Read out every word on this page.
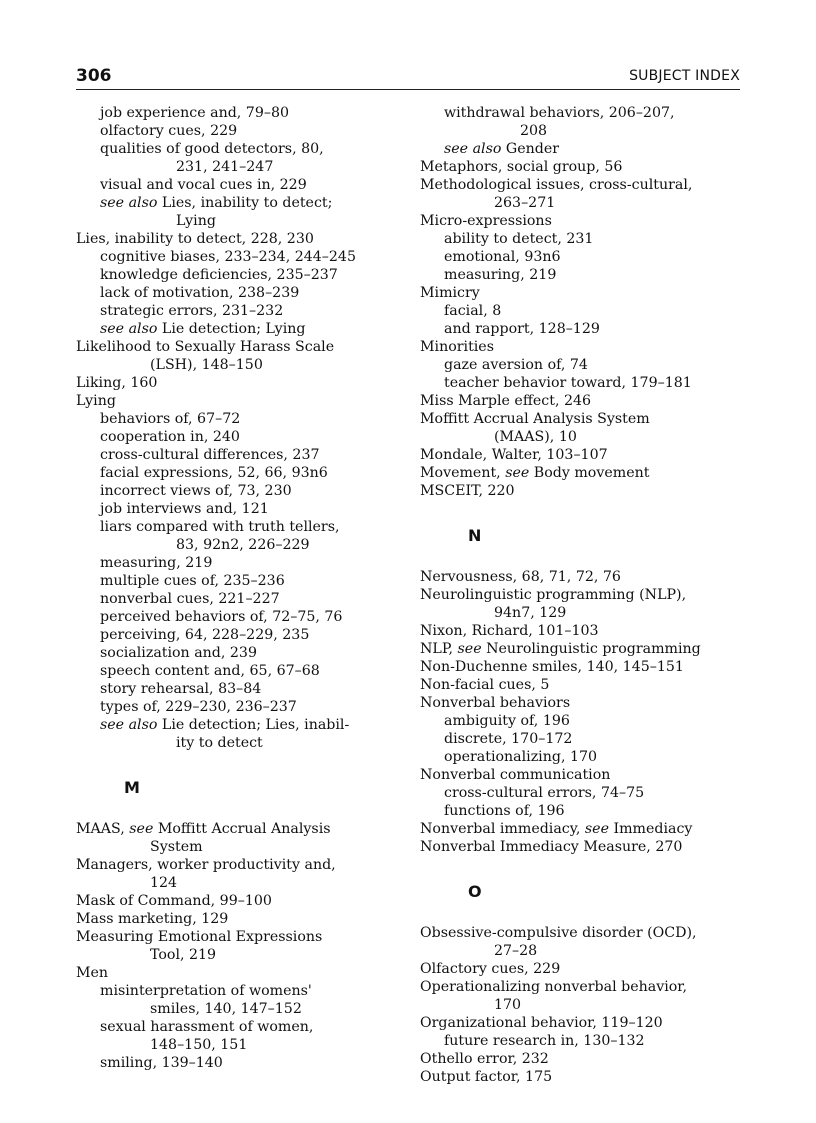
306	SUBJECT INDEX
job experience and, 79–80
olfactory cues, 229
qualities of good detectors, 80,
231, 241–247
visual and vocal cues in, 229
see also Lies, inability to detect;
Lying
Lies, inability to detect, 228, 230
cognitive biases, 233–234, 244–245
knowledge deficiencies, 235–237
lack of motivation, 238–239
strategic errors, 231–232
see also Lie detection; Lying
Likelihood to Sexually Harass Scale
(LSH), 148–150
Liking, 160
Lying
behaviors of, 67–72
cooperation in, 240
cross-cultural differences, 237
facial expressions, 52, 66, 93n6
incorrect views of, 73, 230
job interviews and, 121
liars compared with truth tellers,
83, 92n2, 226–229
measuring, 219
multiple cues of, 235–236
nonverbal cues, 221–227
perceived behaviors of, 72–75, 76
perceiving, 64, 228–229, 235
socialization and, 239
speech content and, 65, 67–68
story rehearsal, 83–84
types of, 229–230, 236–237
see also Lie detection; Lies, inabil-
ity to detect
M
MAAS, see Moffitt Accrual Analysis
System
Managers, worker productivity and,
124
Mask of Command, 99–100
Mass marketing, 129
Measuring Emotional Expressions
Tool, 219
Men
misinterpretation of womens'
smiles, 140, 147–152
sexual harassment of women,
148–150, 151
smiling, 139–140
withdrawal behaviors, 206–207,
208
see also Gender
Metaphors, social group, 56
Methodological issues, cross-cultural,
263–271
Micro-expressions
ability to detect, 231
emotional, 93n6
measuring, 219
Mimicry
facial, 8
and rapport, 128–129
Minorities
gaze aversion of, 74
teacher behavior toward, 179–181
Miss Marple effect, 246
Moffitt Accrual Analysis System
(MAAS), 10
Mondale, Walter, 103–107
Movement, see Body movement
MSCEIT, 220
N
Nervousness, 68, 71, 72, 76
Neurolinguistic programming (NLP),
94n7, 129
Nixon, Richard, 101–103
NLP, see Neurolinguistic programming
Non-Duchenne smiles, 140, 145–151
Non-facial cues, 5
Nonverbal behaviors
ambiguity of, 196
discrete, 170–172
operationalizing, 170
Nonverbal communication
cross-cultural errors, 74–75
functions of, 196
Nonverbal immediacy, see Immediacy
Nonverbal Immediacy Measure, 270
O
Obsessive-compulsive disorder (OCD),
27–28
Olfactory cues, 229
Operationalizing nonverbal behavior,
170
Organizational behavior, 119–120
future research in, 130–132
Othello error, 232
Output factor, 175
